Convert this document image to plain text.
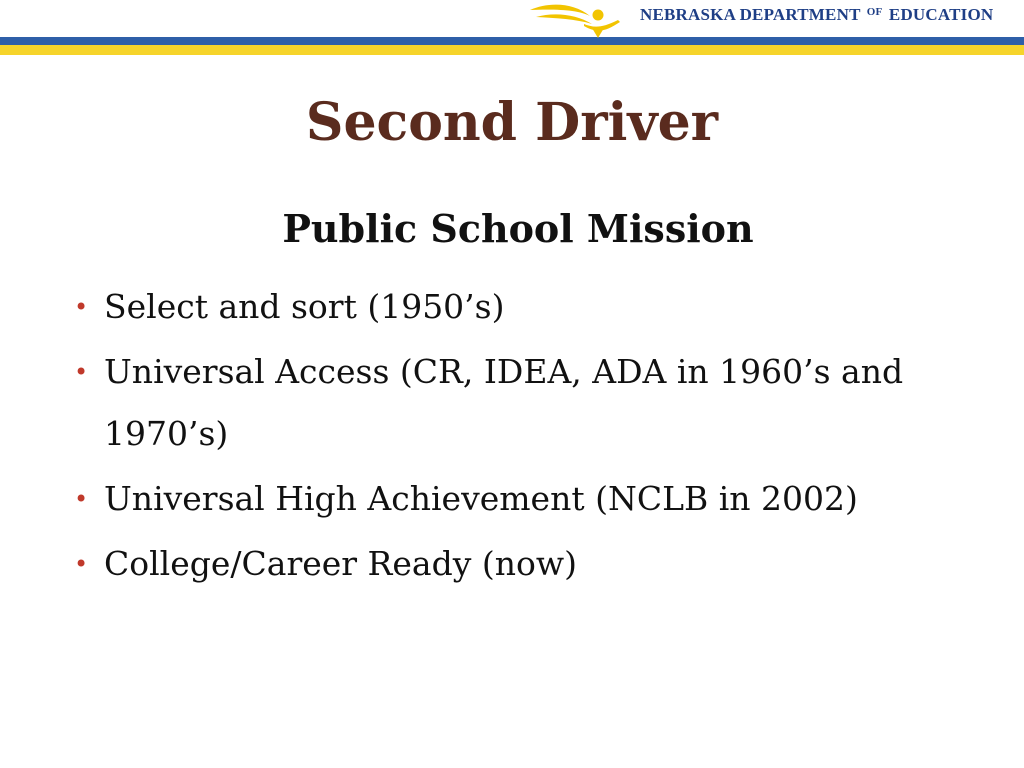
NEBRASKA DEPARTMENT $^{OF}$ EDUCATION
Second Driver
Public School Mission
• Select and sort (1950’s)
• Universal Access (CR, IDEA, ADA in 1960’s and 1970’s)
• Universal High Achievement (NCLB in 2002)
• College/Career Ready (now)
